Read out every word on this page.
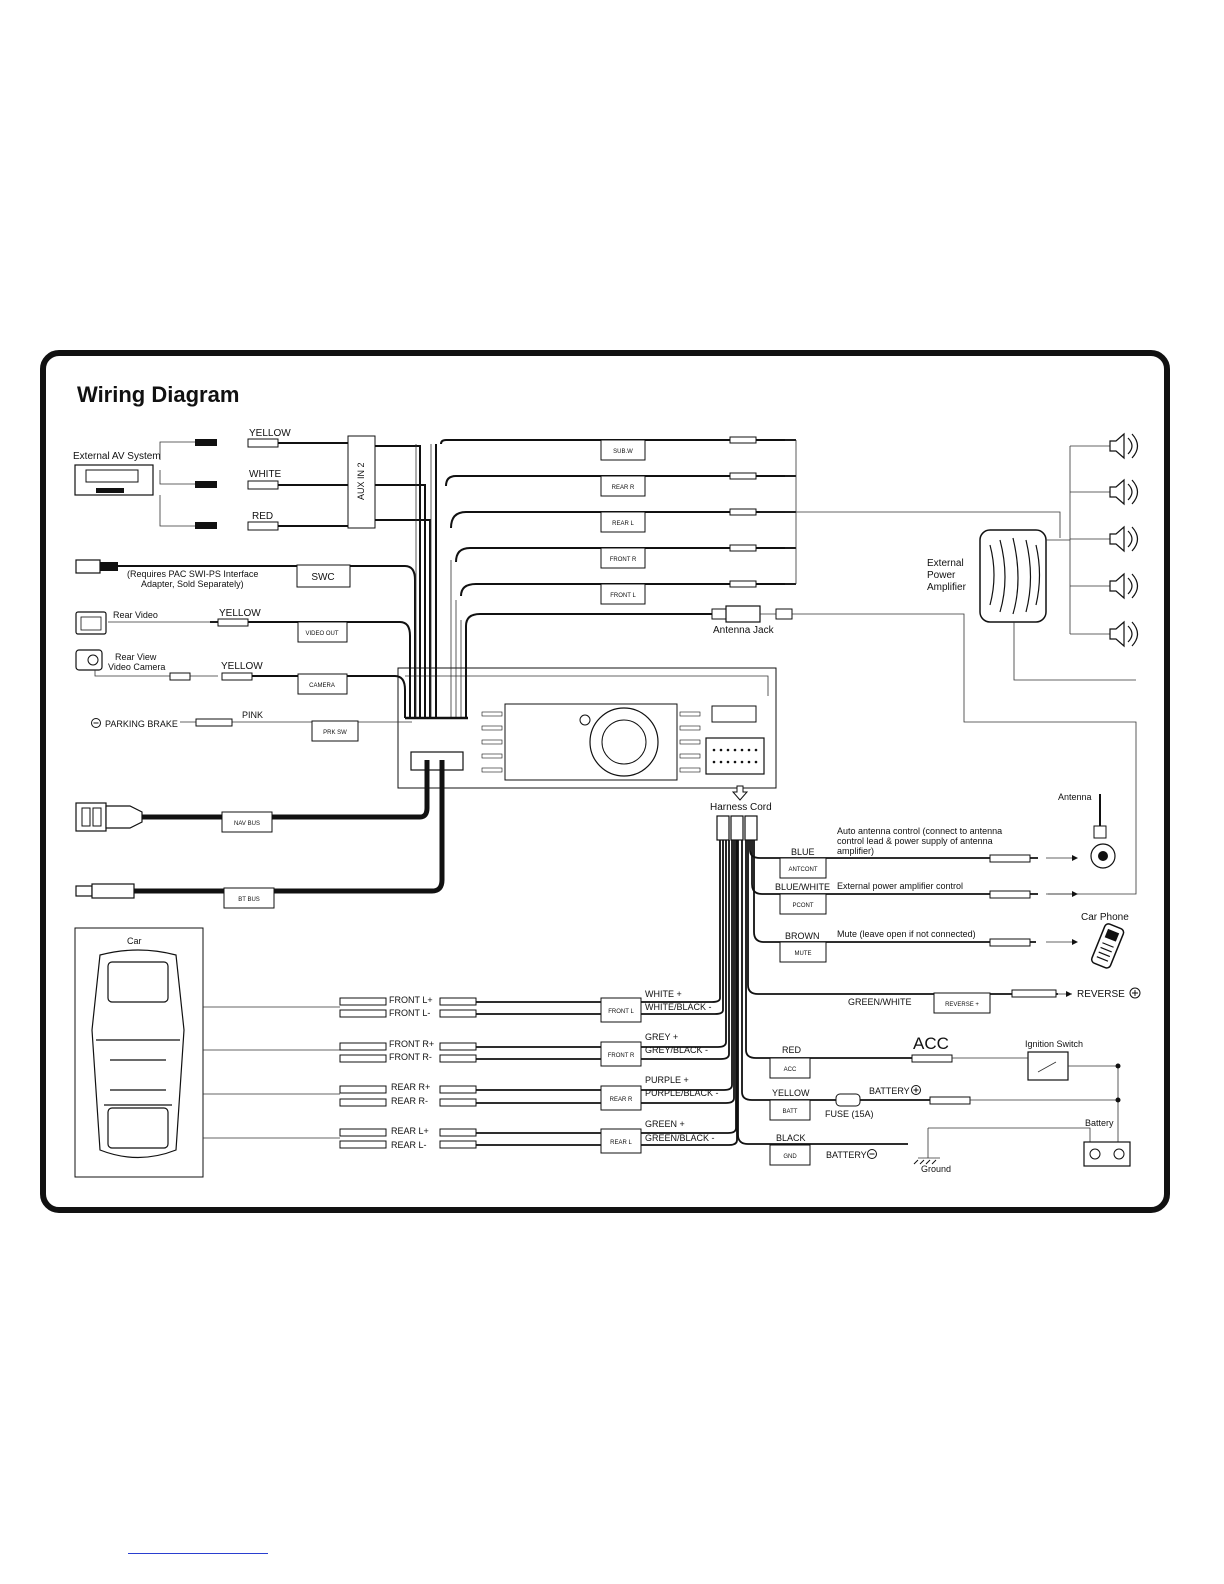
Wiring Diagram
SUB.W
REAR R
REAR L
FRONT R
FRONT L
Antenna Jack
External AV System
YELLOW
WHITE
RED
AUX IN 2
(Requires PAC SWI-PS Interface
Adapter, Sold Separately)
SWC
Rear Video	YELLOW
VIDEO OUT
Rear View
Video Camera	YELLOW
CAMERA
PARKING BRAKE
PINK
PRK SW
NAV BUS
BT BUS
External
Power
Amplifier
Harness Cord
BLUE
ANTCONT
Auto antenna control (connect to antenna
control lead & power supply of antenna
amplifier)
BLUE/WHITE
PCONT
External power amplifier control
BROWN
MUTE
Mute (leave open if not connected)
GREEN/WHITE	REVERSE +
RED
ACC
YELLOW
BATT
BLACK
GND
Antenna
Car Phone
REVERSE
ACC	Ignition Switch
FUSE (15A)
BATTERY
BATTERY
Ground
Battery
Car
FRONT L+
FRONT L-
FRONT R+
FRONT R-
REAR R+
REAR R-
REAR L+
REAR L-
FRONT L
FRONT R
REAR R
REAR L
WHITE +
WHITE/BLACK -
GREY +
GREY/BLACK -
PURPLE +
PURPLE/BLACK -
GREEN +
GREEN/BLACK -
